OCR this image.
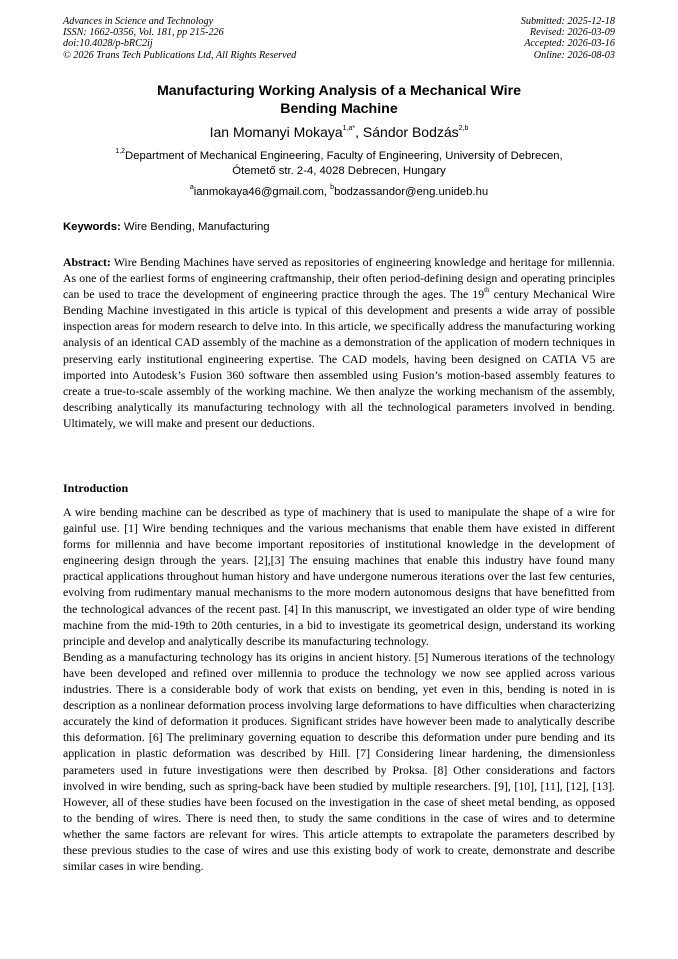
Advances in Science and Technology
ISSN: 1662-0356, Vol. 181, pp 215-226
doi:10.4028/p-bRC2ij
© 2026 Trans Tech Publications Ltd, All Rights Reserved
Submitted: 2025-12-18
Revised: 2026-03-09
Accepted: 2026-03-16
Online: 2026-08-03
Manufacturing Working Analysis of a Mechanical Wire
Bending Machine
Ian Momanyi Mokaya$^{1,a*}$, Sándor Bodzás$^{2,b}$
$^{1,2}$Department of Mechanical Engineering, Faculty of Engineering, University of Debrecen,
Ótemető str. 2-4, 4028 Debrecen, Hungary
$^a$ianmokaya46@gmail.com, $^b$bodzassandor@eng.unideb.hu
Keywords: Wire Bending, Manufacturing

Abstract: Wire Bending Machines have served as repositories of engineering knowledge and heritage for millennia. As one of the earliest forms of engineering craftmanship, their often period-defining design and operating principles can be used to trace the development of engineering practice through the ages. The 19th century Mechanical Wire Bending Machine investigated in this article is typical of this development and presents a wide array of possible inspection areas for modern research to delve into. In this article, we specifically address the manufacturing working analysis of an identical CAD assembly of the machine as a demonstration of the application of modern techniques in preserving early institutional engineering expertise. The CAD models, having been designed on CATIA V5 are imported into Autodesk’s Fusion 360 software then assembled using Fusion’s motion-based assembly features to create a true-to-scale assembly of the working machine. We then analyze the working mechanism of the assembly, describing analytically its manufacturing technology with all the technological parameters involved in bending. Ultimately, we will make and present our deductions.

Introduction

A wire bending machine can be described as type of machinery that is used to manipulate the shape of a wire for gainful use. [1] Wire bending techniques and the various mechanisms that enable them have existed in different forms for millennia and have become important repositories of institutional knowledge in the development of engineering design through the years. [2],[3] The ensuing machines that enable this industry have found many practical applications throughout human history and have undergone numerous iterations over the last few centuries, evolving from rudimentary manual mechanisms to the more modern autonomous designs that have benefitted from the technological advances of the recent past. [4] In this manuscript, we investigated an older type of wire bending machine from the mid-19th to 20th centuries, in a bid to investigate its geometrical design, understand its working principle and develop and analytically describe its manufacturing technology.

Bending as a manufacturing technology has its origins in ancient history. [5] Numerous iterations of the technology have been developed and refined over millennia to produce the technology we now see applied across various industries. There is a considerable body of work that exists on bending, yet even in this, bending is noted in is description as a nonlinear deformation process involving large deformations to have difficulties when characterizing accurately the kind of deformation it produces. Significant strides have however been made to analytically describe this deformation. [6] The preliminary governing equation to describe this deformation under pure bending and its application in plastic deformation was described by Hill. [7] Considering linear hardening, the dimensionless parameters used in future investigations were then described by Proksa. [8] Other considerations and factors involved in wire bending, such as spring-back have been studied by multiple researchers. [9], [10], [11], [12], [13]. However, all of these studies have been focused on the investigation in the case of sheet metal bending, as opposed to the bending of wires. There is need then, to study the same conditions in the case of wires and to determine whether the same factors are relevant for wires. This article attempts to extrapolate the parameters described by these previous studies to the case of wires and use this existing body of work to create, demonstrate and describe similar cases in wire bending.
